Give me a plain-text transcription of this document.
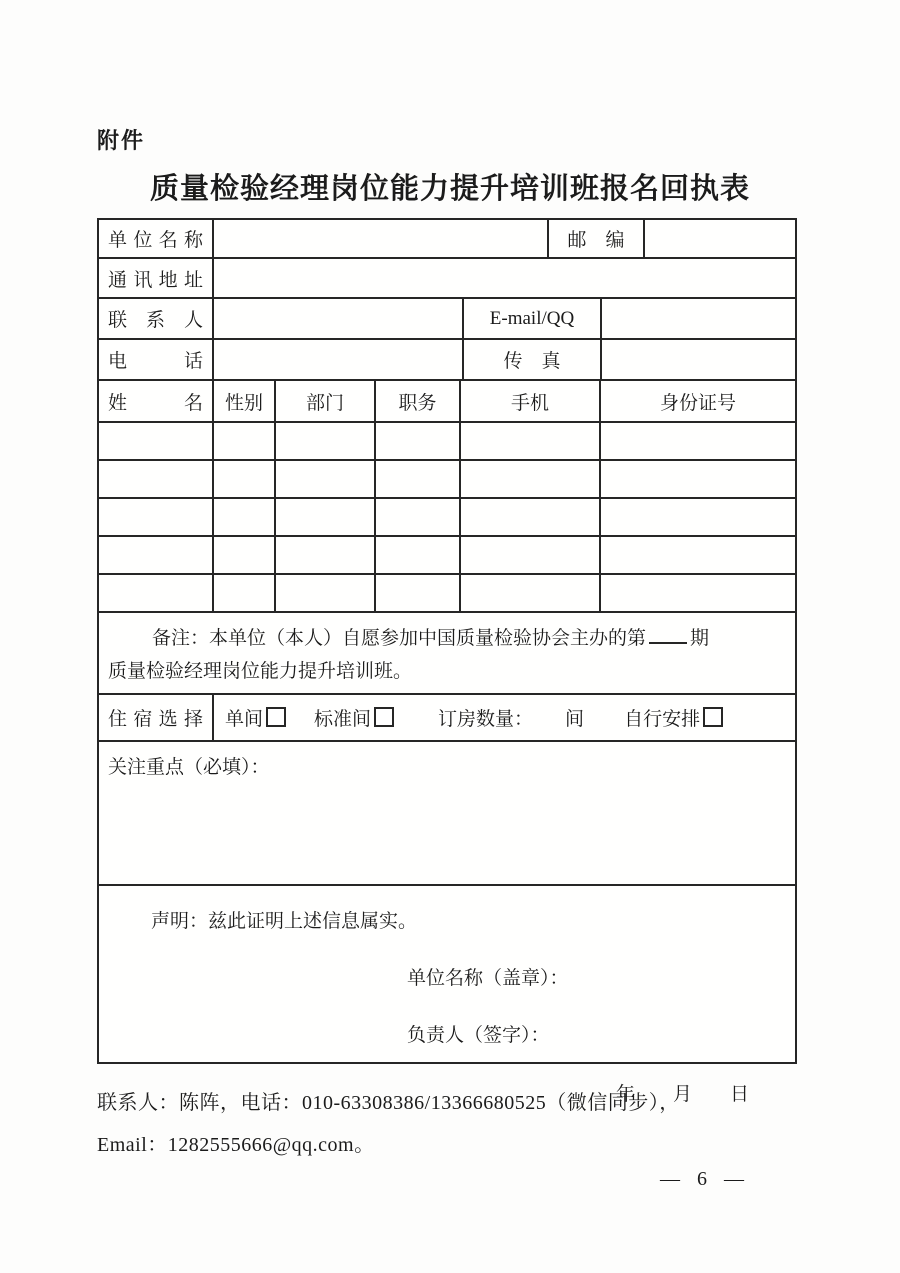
附件
质量检验经理岗位能力提升培训班报名回执表
单位名称	邮　编
通讯地址
联系人	E-mail/QQ
电话	传　真
姓名 性别 部门	职务	手机	身份证号
备注：本单位（本人）自愿参加中国质量检验协会主办的第 期
质量检验经理岗位能力提升培训班。
住宿选择 单间	标准间	订房数量： 间 自行安排
关注重点（必填）：
声明：兹此证明上述信息属实。
单位名称（盖章）：
负责人（签字）：
年　　月　　日
联系人：陈阵，电话：010-63308386/13366680525（微信同步），
Email：1282555666@qq.com。
— 6 —
